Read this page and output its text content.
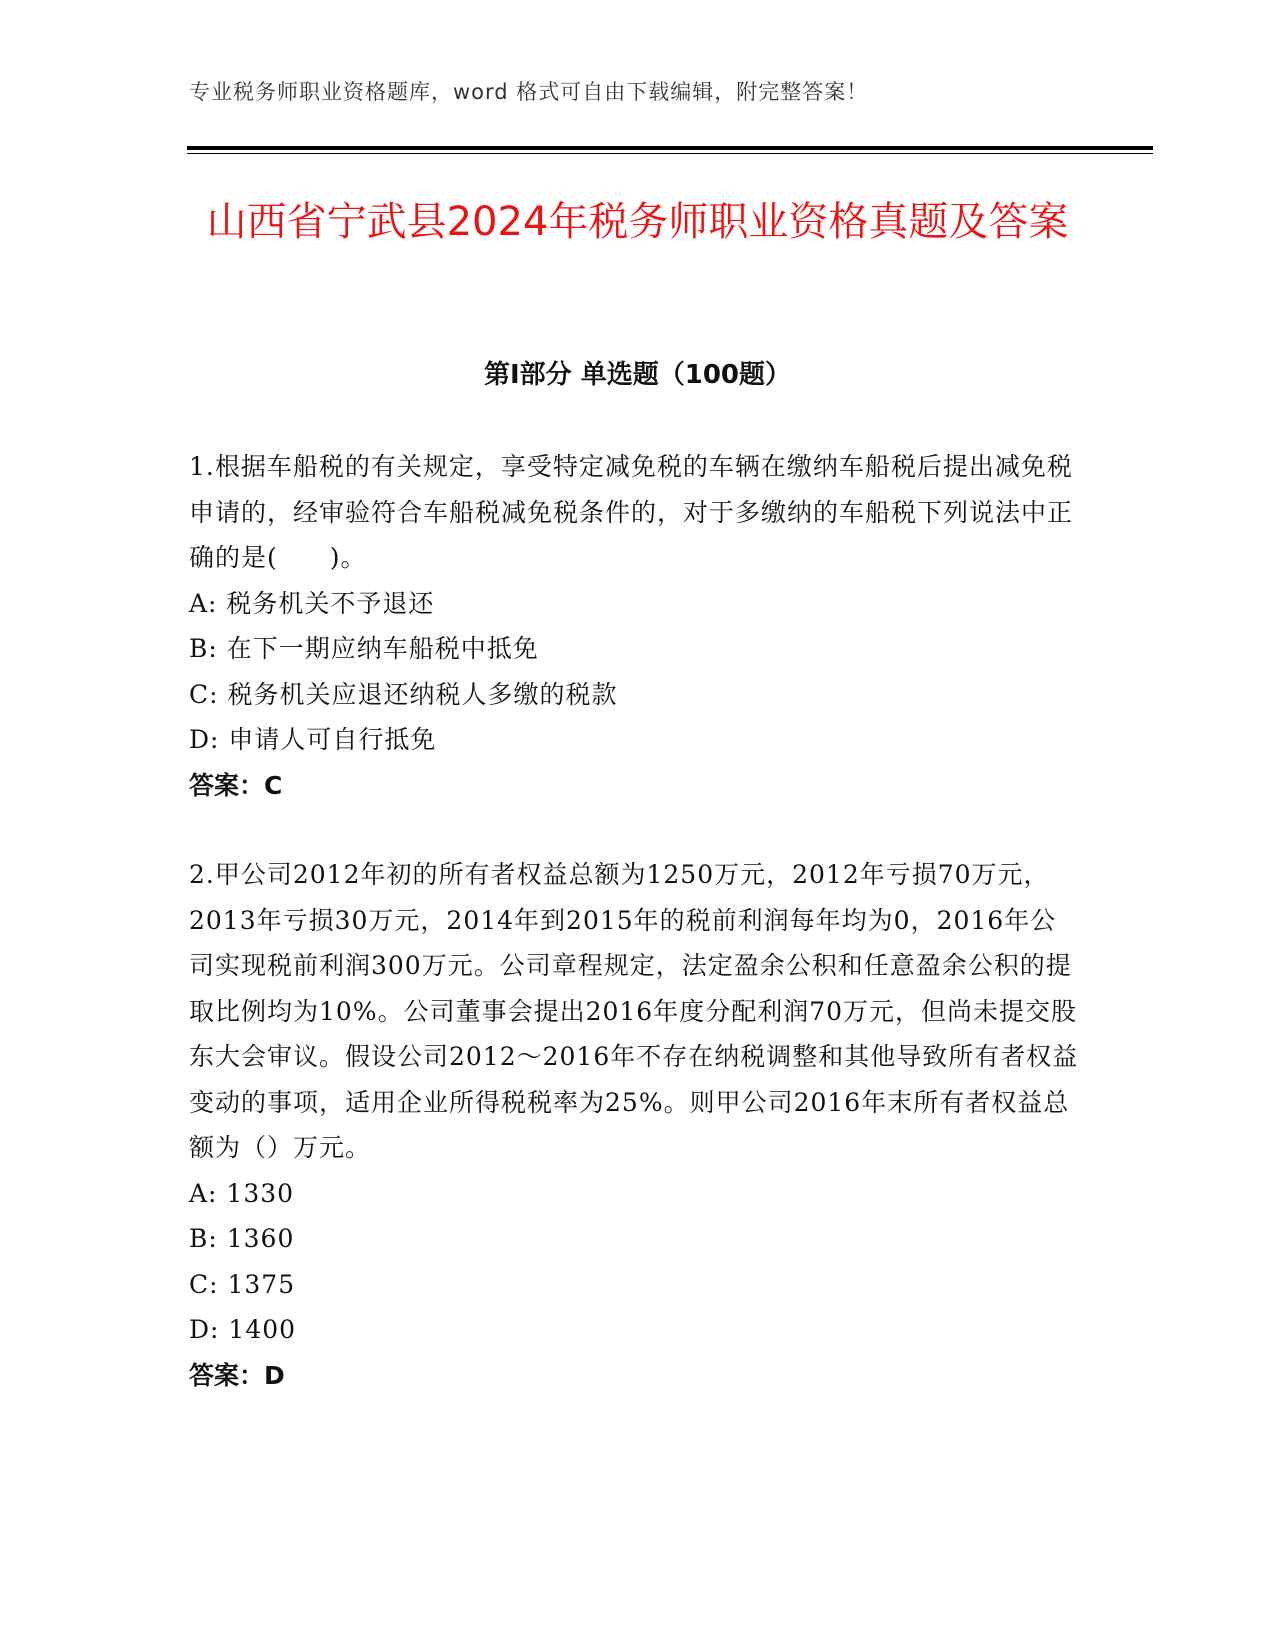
专业税务师职业资格题库，word 格式可自由下载编辑，附完整答案！
山西省宁武县2024年税务师职业资格真题及答案
第Ⅰ部分 单选题（100题）

1.根据车船税的有关规定，享受特定减免税的车辆在缴纳车船税后提出减免税申请的，经审验符合车船税减免税条件的，对于多缴纳的车船税下列说法中正确的是(　　)。

A: 税务机关不予退还

B: 在下一期应纳车船税中抵免

C: 税务机关应退还纳税人多缴的税款

D: 申请人可自行抵免

答案：C

2.甲公司2012年初的所有者权益总额为1250万元，2012年亏损70万元，2013年亏损30万元，2014年到2015年的税前利润每年均为0，2016年公司实现税前利润300万元。公司章程规定，法定盈余公积和任意盈余公积的提取比例均为10%。公司董事会提出2016年度分配利润70万元，但尚未提交股东大会审议。假设公司2012～2016年不存在纳税调整和其他导致所有者权益变动的事项，适用企业所得税税率为25%。则甲公司2016年末所有者权益总额为（）万元。

A: 1330

B: 1360

C: 1375

D: 1400

答案：D
